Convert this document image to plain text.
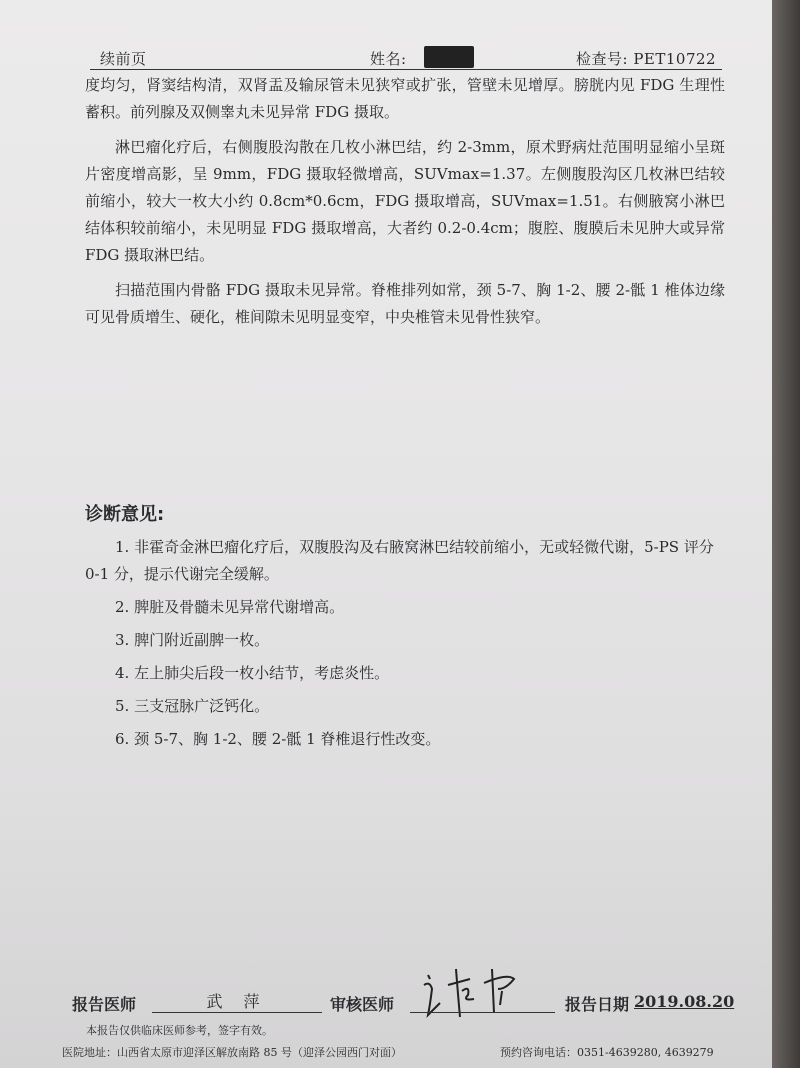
续前页	姓名:	检查号: PET10722

度均匀，肾窦结构清，双肾盂及输尿管未见狭窄或扩张，管壁未见增厚。膀胱内见 FDG 生理性蓄积。前列腺及双侧睾丸未见异常 FDG 摄取。

淋巴瘤化疗后，右侧腹股沟散在几枚小淋巴结，约 2-3mm，原术野病灶范围明显缩小呈斑片密度增高影，呈 9mm，FDG 摄取轻微增高，SUVmax=1.37。左侧腹股沟区几枚淋巴结较前缩小，较大一枚大小约 0.8cm*0.6cm，FDG 摄取增高，SUVmax=1.51。右侧腋窝小淋巴结体积较前缩小，未见明显 FDG 摄取增高，大者约 0.2-0.4cm；腹腔、腹膜后未见肿大或异常 FDG 摄取淋巴结。

扫描范围内骨骼 FDG 摄取未见异常。脊椎排列如常，颈 5-7、胸 1-2、腰 2-骶 1 椎体边缘可见骨质增生、硬化，椎间隙未见明显变窄，中央椎管未见骨性狭窄。

诊断意见:
1. 非霍奇金淋巴瘤化疗后，双腹股沟及右腋窝淋巴结较前缩小，无或轻微代谢，5-PS 评分 0-1 分，提示代谢完全缓解。
2. 脾脏及骨髓未见异常代谢增高。
3. 脾门附近副脾一枚。
4. 左上肺尖后段一枚小结节，考虑炎性。
5. 三支冠脉广泛钙化。
6. 颈 5-7、胸 1-2、腰 2-骶 1 脊椎退行性改变。
报告医师	武 萍	审核医师	报告日期 2019.08.20
本报告仅供临床医师参考，签字有效。
医院地址：山西省太原市迎泽区解放南路 85 号（迎泽公园西门对面）	预约咨询电话：0351-4639280, 4639279
